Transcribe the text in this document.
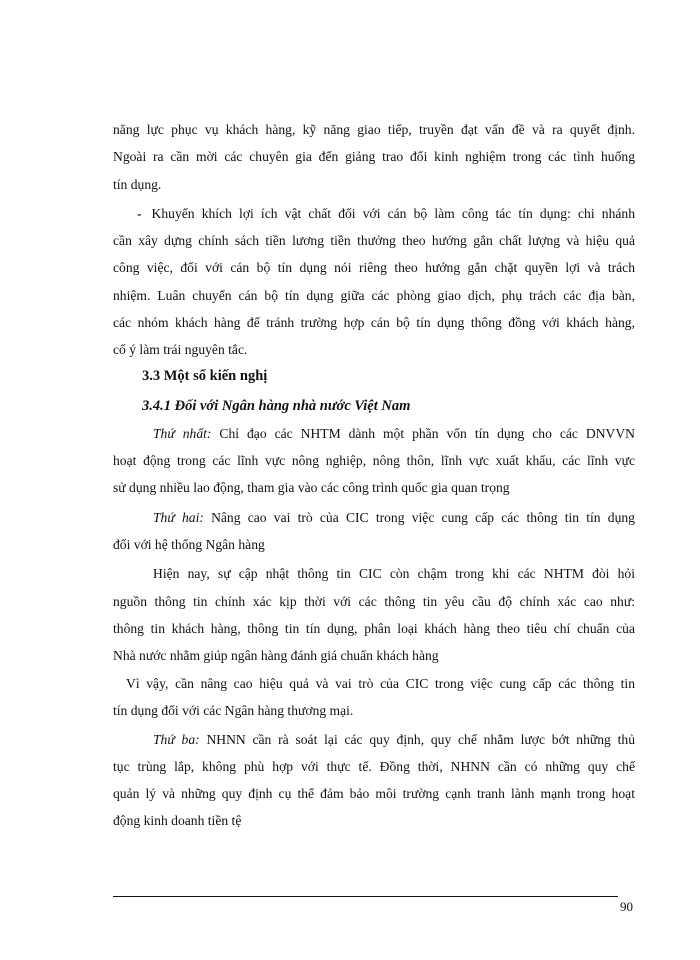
năng lực phục vụ khách hàng, kỹ năng giao tiếp, truyền đạt vấn đề và ra quyết định.
Ngoài ra cần mời các chuyên gia đến giảng trao đổi kinh nghiệm trong các tình huống
tín dụng.
- Khuyến khích lợi ích vật chất đối với cán bộ làm công tác tín dụng: chi nhánh
cần xây dựng chính sách tiền lương tiền thưởng theo hướng gắn chất lượng và hiệu quả
công việc, đối với cán bộ tín dụng nói riêng theo hướng gắn chặt quyền lợi và trách
nhiệm. Luân chuyển cán bộ tín dụng giữa các phòng giao dịch, phụ trách các địa bàn,
các nhóm khách hàng để tránh trường hợp cán bộ tín dụng thông đồng với khách hàng,
cố ý làm trái nguyên tắc.
3.3 Một số kiến nghị
3.4.1 Đối với Ngân hàng nhà nước Việt Nam
Thứ nhất: Chỉ đạo các NHTM dành một phần vốn tín dụng cho các DNVVN
hoạt động trong các lĩnh vực nông nghiệp, nông thôn, lĩnh vực xuất khẩu, các lĩnh vực
sử dụng nhiều lao động, tham gia vào các công trình quốc gia quan trọng
Thứ hai: Nâng cao vai trò của CIC trong việc cung cấp các thông tin tín dụng
đối với hệ thống Ngân hàng
Hiện nay, sự cập nhật thông tin CIC còn chậm trong khi các NHTM đòi hỏi
nguồn thông tin chính xác kịp thời với các thông tin yêu cầu độ chính xác cao như:
thông tin khách hàng, thông tin tín dụng, phân loại khách hàng theo tiêu chí chuẩn của
Nhà nước nhằm giúp ngân hàng đánh giá chuẩn khách hàng
Vì vậy, cần nâng cao hiệu quả và vai trò của CIC trong việc cung cấp các thông tin
tín dụng đối với các Ngân hàng thương mại.
Thứ ba: NHNN cần rà soát lại các quy định, quy chế nhằm lược bớt những thủ
tục trùng lắp, không phù hợp với thực tế. Đồng thời, NHNN cần có những quy chế
quản lý và những quy định cụ thể đảm bảo môi trường cạnh tranh lành mạnh trong hoạt
động kinh doanh tiền tệ
90
